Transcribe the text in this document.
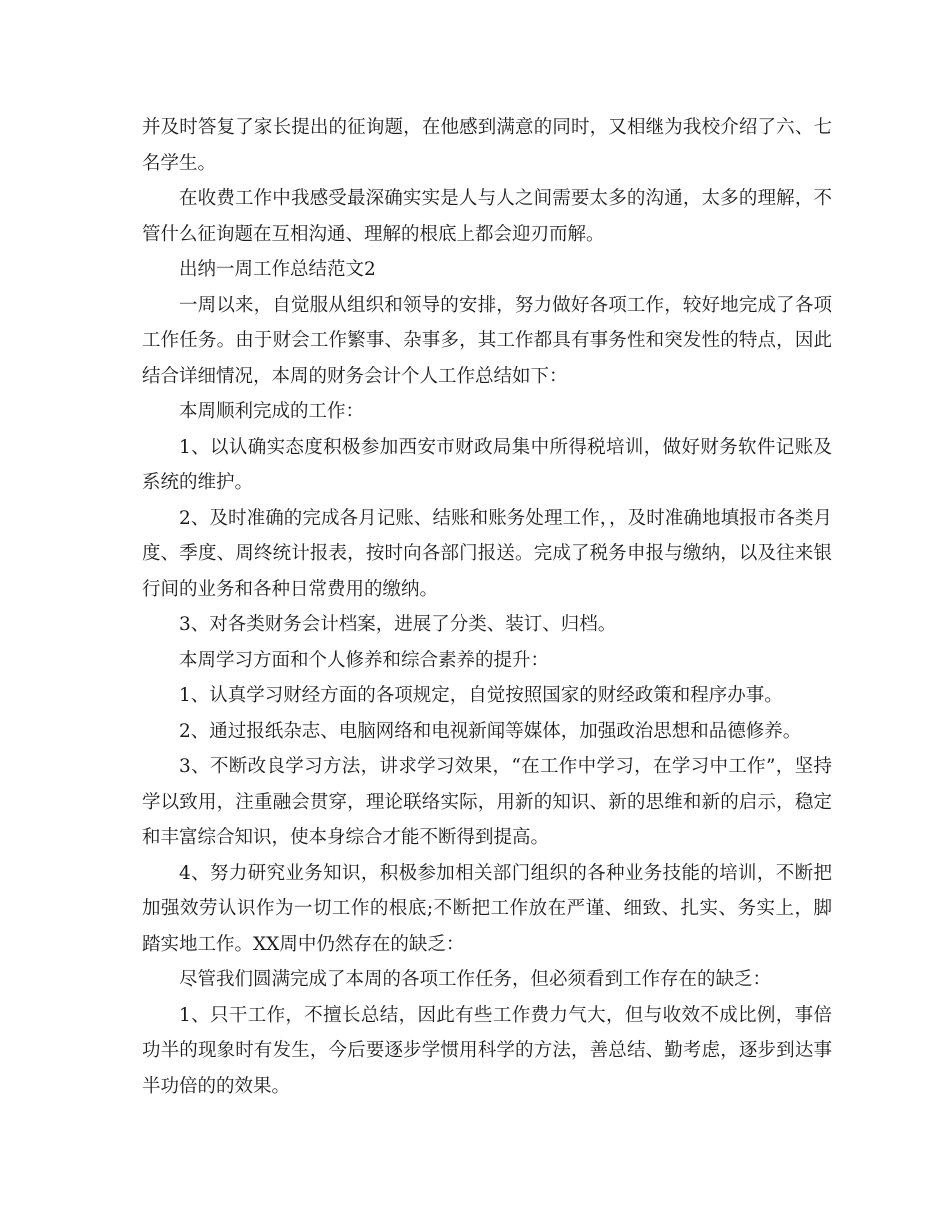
并及时答复了家长提出的征询题，在他感到满意的同时，又相继为我校介绍了六、七名学生。

在收费工作中我感受最深确实实是人与人之间需要太多的沟通，太多的理解，不管什么征询题在互相沟通、理解的根底上都会迎刃而解。

出纳一周工作总结范文2

一周以来，自觉服从组织和领导的安排，努力做好各项工作，较好地完成了各项工作任务。由于财会工作繁事、杂事多，其工作都具有事务性和突发性的特点，因此结合详细情况，本周的财务会计个人工作总结如下：

本周顺利完成的工作：

1、以认确实态度积极参加西安市财政局集中所得税培训，做好财务软件记账及系统的维护。

2、及时准确的完成各月记账、结账和账务处理工作，，及时准确地填报市各类月度、季度、周终统计报表，按时向各部门报送。完成了税务申报与缴纳，以及往来银行间的业务和各种日常费用的缴纳。

3、对各类财务会计档案，进展了分类、装订、归档。

本周学习方面和个人修养和综合素养的提升：

1、认真学习财经方面的各项规定，自觉按照国家的财经政策和程序办事。

2、通过报纸杂志、电脑网络和电视新闻等媒体，加强政治思想和品德修养。

3、不断改良学习方法，讲求学习效果，“在工作中学习，在学习中工作”，坚持学以致用，注重融会贯穿，理论联络实际，用新的知识、新的思维和新的启示，稳定和丰富综合知识，使本身综合才能不断得到提高。

4、努力研究业务知识，积极参加相关部门组织的各种业务技能的培训，不断把加强效劳认识作为一切工作的根底;不断把工作放在严谨、细致、扎实、务实上，脚踏实地工作。XX周中仍然存在的缺乏：

尽管我们圆满完成了本周的各项工作任务，但必须看到工作存在的缺乏：

1、只干工作，不擅长总结，因此有些工作费力气大，但与收效不成比例，事倍功半的现象时有发生，今后要逐步学惯用科学的方法，善总结、勤考虑，逐步到达事半功倍的的效果。
